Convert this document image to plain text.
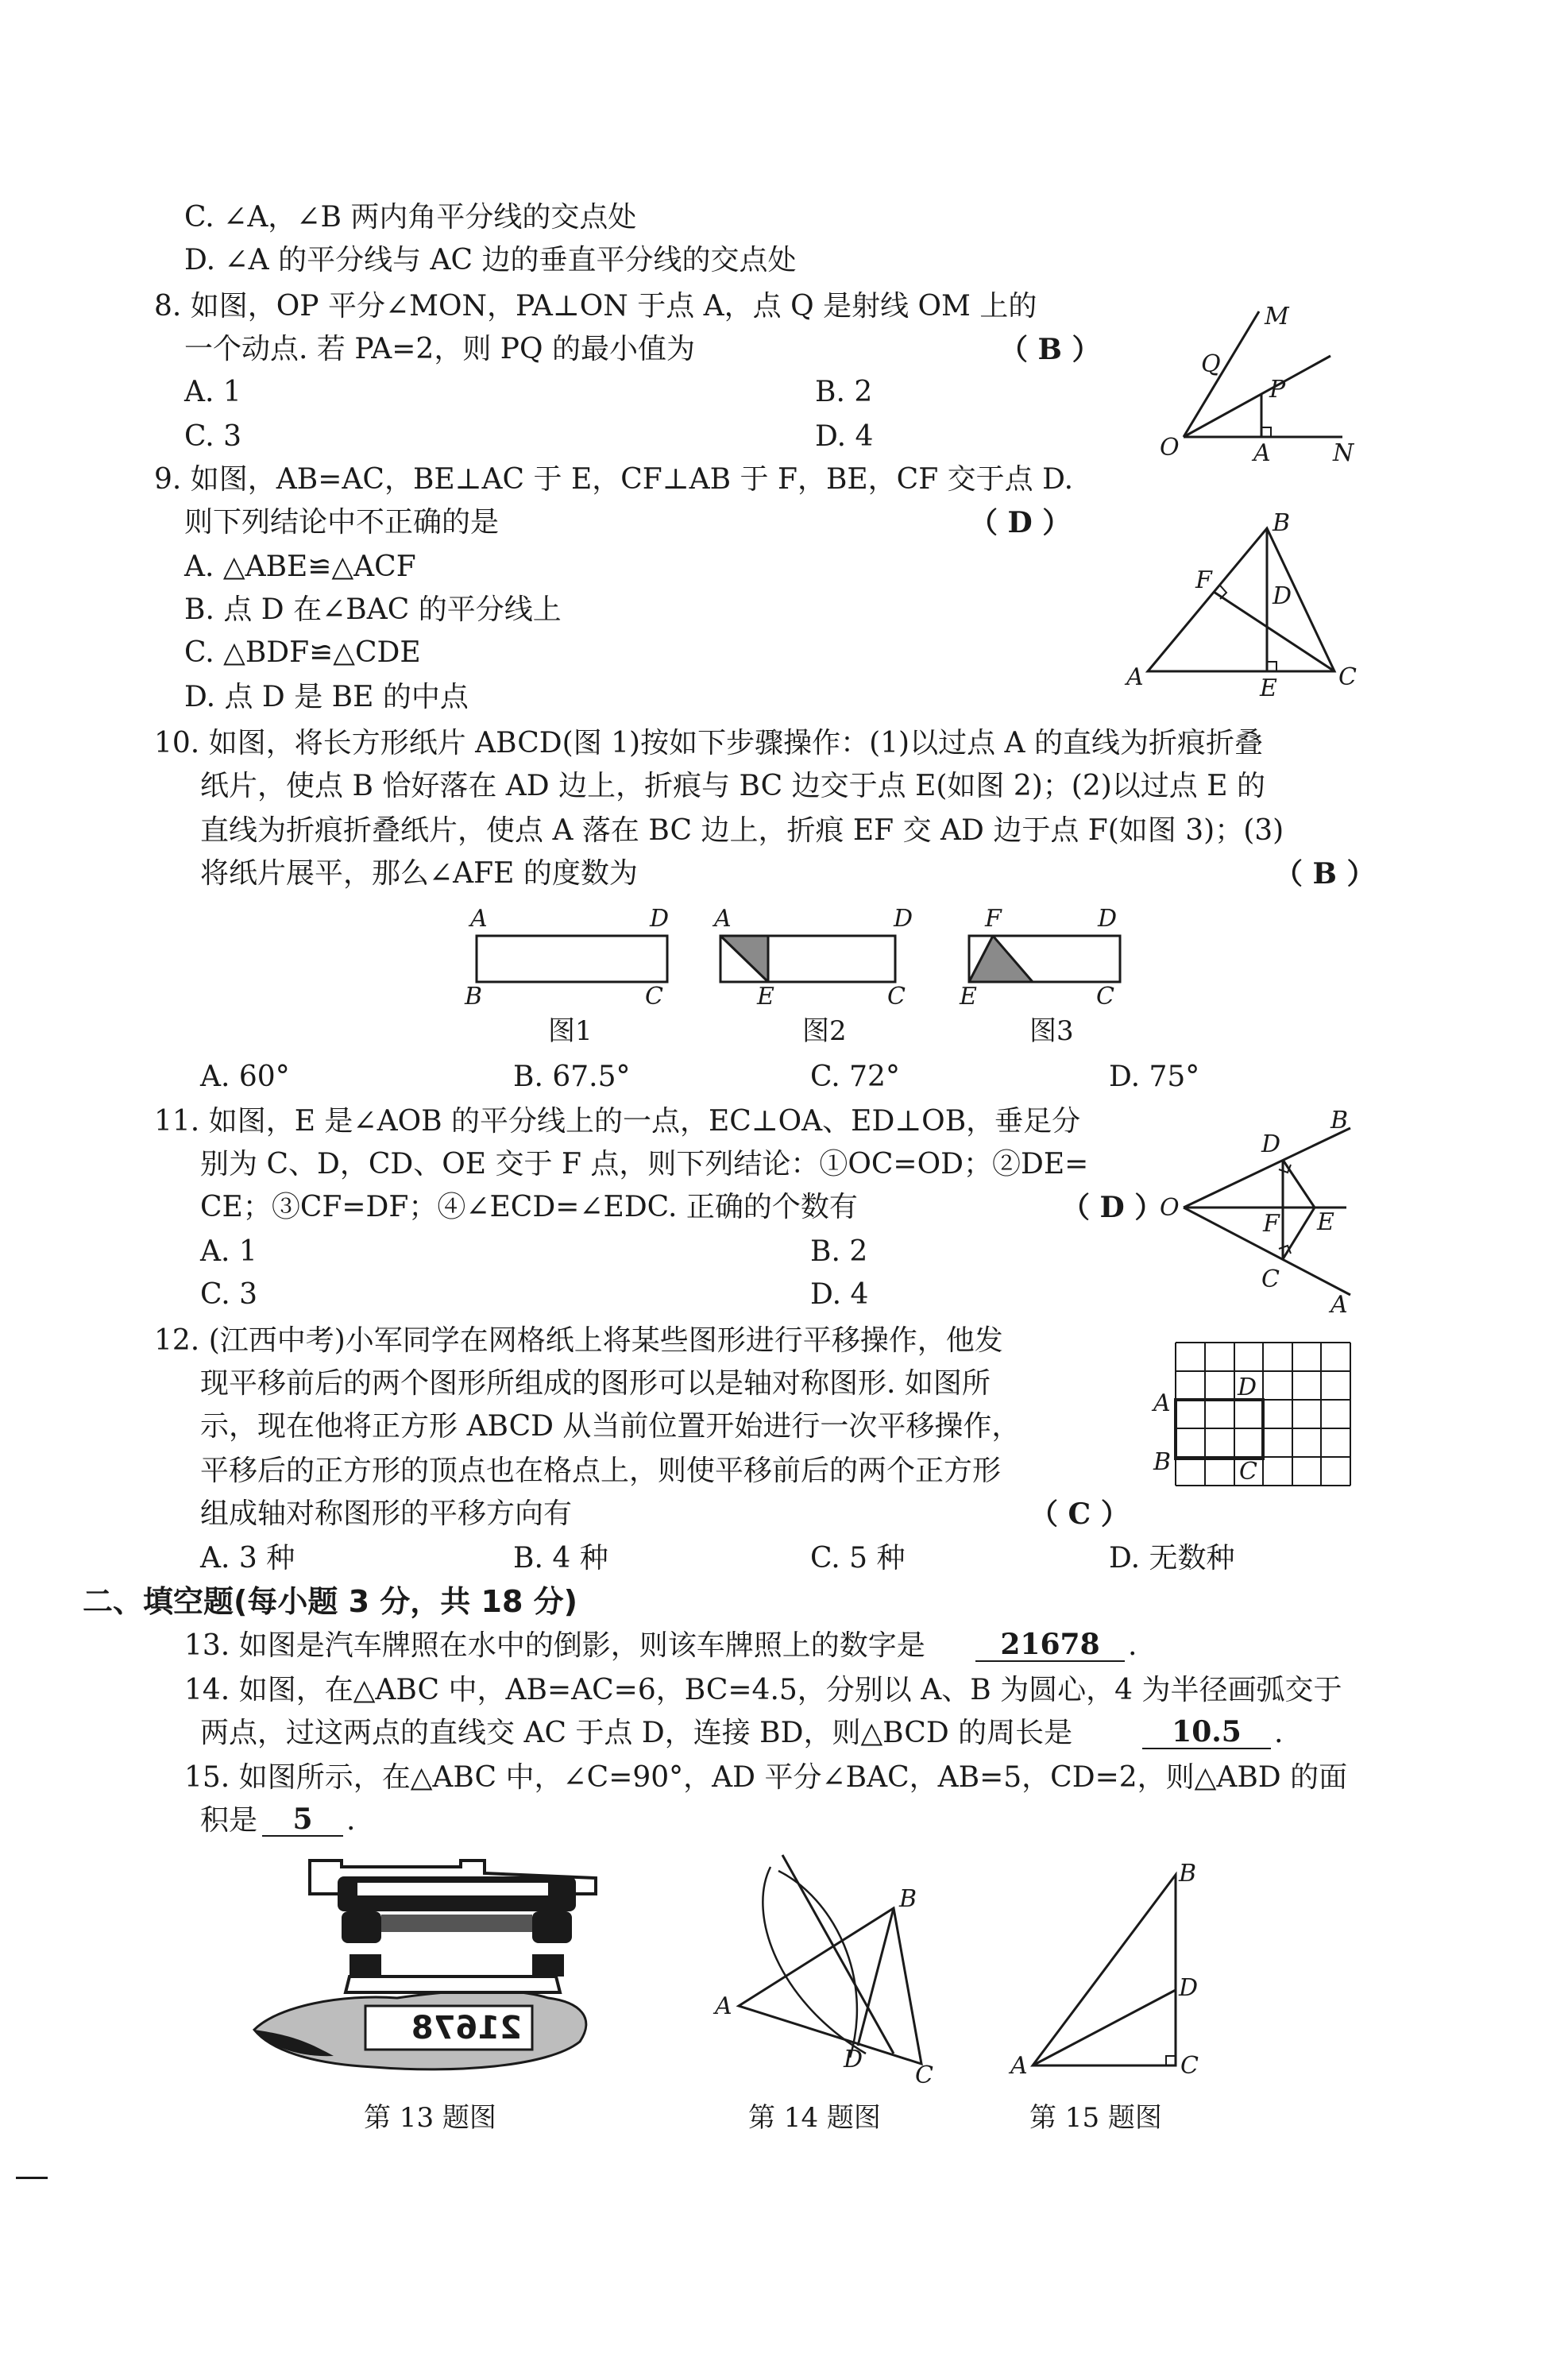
C. ∠A，∠B 两内角平分线的交点处
D. ∠A 的平分线与 AC 边的垂直平分线的交点处
8. 如图，OP 平分∠MON，PA⊥ON 于点 A，点 Q 是射线 OM 上的
一个动点. 若 PA=2，则 PQ 的最小值为	（ B ）
A. 1	B. 2
C. 3	D. 4
M
Q
P
O	A	N
9. 如图，AB=AC，BE⊥AC 于 E，CF⊥AB 于 F，BE，CF 交于点 D.
则下列结论中不正确的是	（ D ）
A. △ABE≌△ACF
B. 点 D 在∠BAC 的平分线上
C. △BDF≌△CDE
D. 点 D 是 BE 的中点
B
F
D
A	E	C
10. 如图，将长方形纸片 ABCD(图 1)按如下步骤操作：(1)以过点 A 的直线为折痕折叠
纸片，使点 B 恰好落在 AD 边上，折痕与 BC 边交于点 E(如图 2)；(2)以过点 E 的
直线为折痕折叠纸片，使点 A 落在 BC 边上，折痕 EF 交 AD 边于点 F(如图 3)；(3)
将纸片展平，那么∠AFE 的度数为	（ B ）
A	D
B	C
A	D
E	C
F	D
E	C
图1	图2	图3
A. 60°	B. 67.5°	C. 72°	D. 75°
11. 如图，E 是∠AOB 的平分线上的一点，EC⊥OA、ED⊥OB，垂足分
别为 C、D，CD、OE 交于 F 点，则下列结论：①OC=OD；②DE=
CE；③CF=DF；④∠ECD=∠EDC. 正确的个数有	（ D ）
A. 1	B. 2
C. 3	D. 4
D
B
O
F E
C
A
12. (江西中考)小军同学在网格纸上将某些图形进行平移操作，他发
现平移前后的两个图形所组成的图形可以是轴对称图形. 如图所
示，现在他将正方形 ABCD 从当前位置开始进行一次平移操作，
平移后的正方形的顶点也在格点上，则使平移前后的两个正方形
组成轴对称图形的平移方向有	（ C ）
A. 3 种	B. 4 种	C. 5 种	D. 无数种
A
D
B	C
二、填空题(每小题 3 分，共 18 分)
13. 如图是汽车牌照在水中的倒影，则该车牌照上的数字是	21678 .
14. 如图，在△ABC 中，AB=AC=6，BC=4.5，分别以 A、B 为圆心，4 为半径画弧交于
两点，过这两点的直线交 AC 于点 D，连接 BD，则△BCD 的周长是	10.5	.
15. 如图所示，在△ABC 中，∠C=90°，AD 平分∠BAC，AB=5，CD=2，则△ABD 的面
积是	5	.
21678
第 13 题图
B
A
D
C
第 14 题图
B
D
A	C
第 15 题图
